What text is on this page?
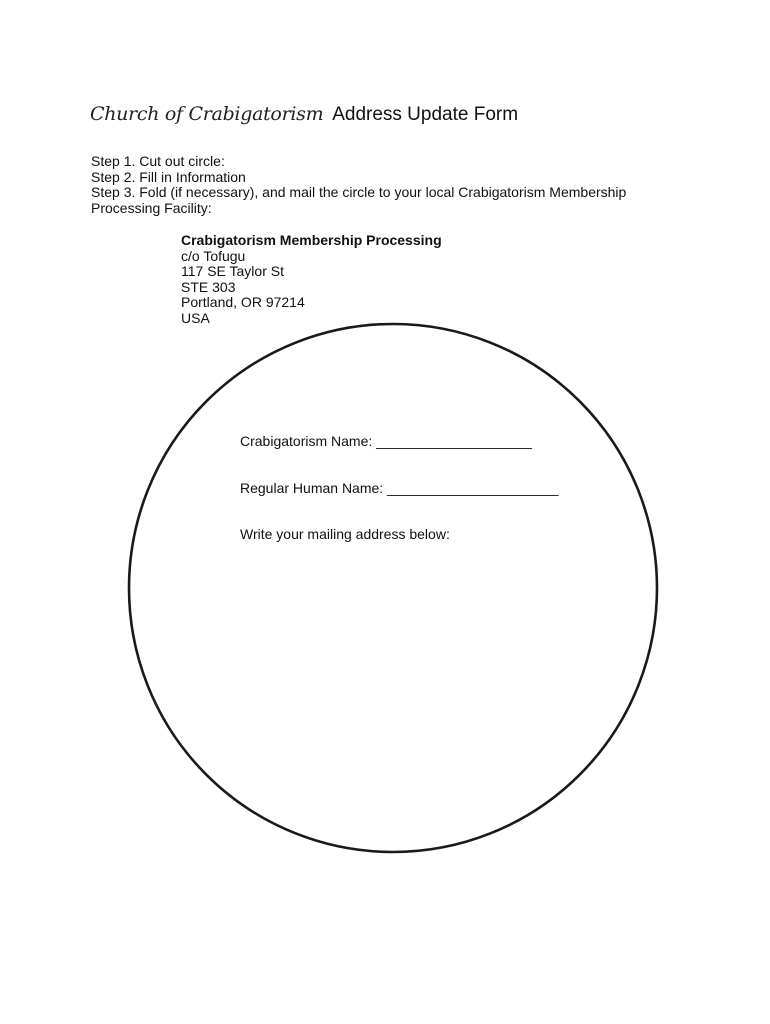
Church of Crabigatorism Address Update Form
Step 1. Cut out circle:
Step 2. Fill in Information
Step 3. Fold (if necessary), and mail the circle to your local Crabigatorism Membership Processing Facility:
Crabigatorism Membership Processing
c/o Tofugu
117 SE Taylor St
STE 303
Portland, OR 97214
USA
Crabigatorism Name: ____________________
Regular Human Name: ______________________
Write your mailing address below:
